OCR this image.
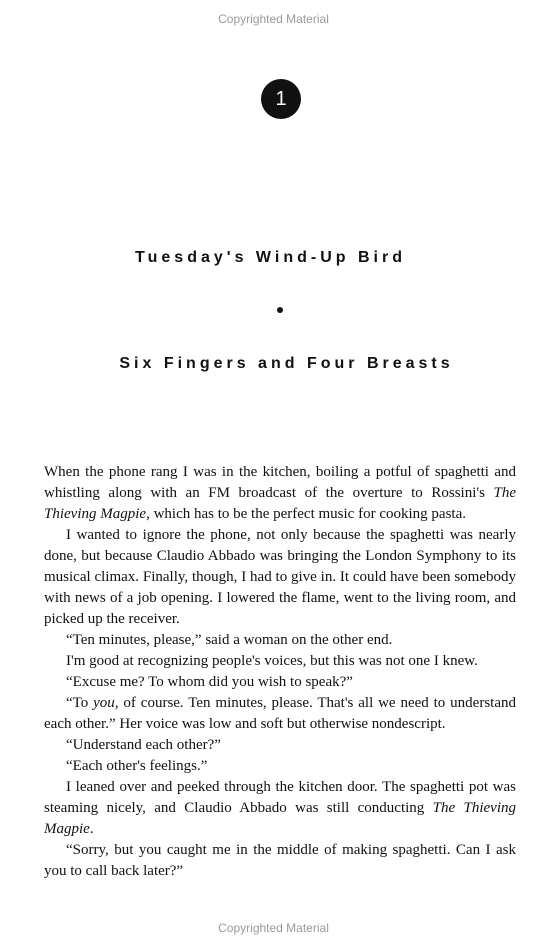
Copyrighted Material
1
Tuesday's Wind-Up Bird
Six Fingers and Four Breasts

When the phone rang I was in the kitchen, boiling a potful of spaghetti and whistling along with an FM broadcast of the overture to Rossini's The Thieving Magpie, which has to be the perfect music for cooking pasta.

I wanted to ignore the phone, not only because the spaghetti was nearly done, but because Claudio Abbado was bringing the London Symphony to its musical climax. Finally, though, I had to give in. It could have been somebody with news of a job opening. I lowered the flame, went to the living room, and picked up the receiver.

“Ten minutes, please,” said a woman on the other end.

I'm good at recognizing people's voices, but this was not one I knew.

“Excuse me? To whom did you wish to speak?”

“To you, of course. Ten minutes, please. That's all we need to understand each other.” Her voice was low and soft but otherwise nondescript.

“Understand each other?”

“Each other's feelings.”

I leaned over and peeked through the kitchen door. The spaghetti pot was steaming nicely, and Claudio Abbado was still conducting The Thieving Magpie.

“Sorry, but you caught me in the middle of making spaghetti. Can I ask you to call back later?”

Copyrighted Material
